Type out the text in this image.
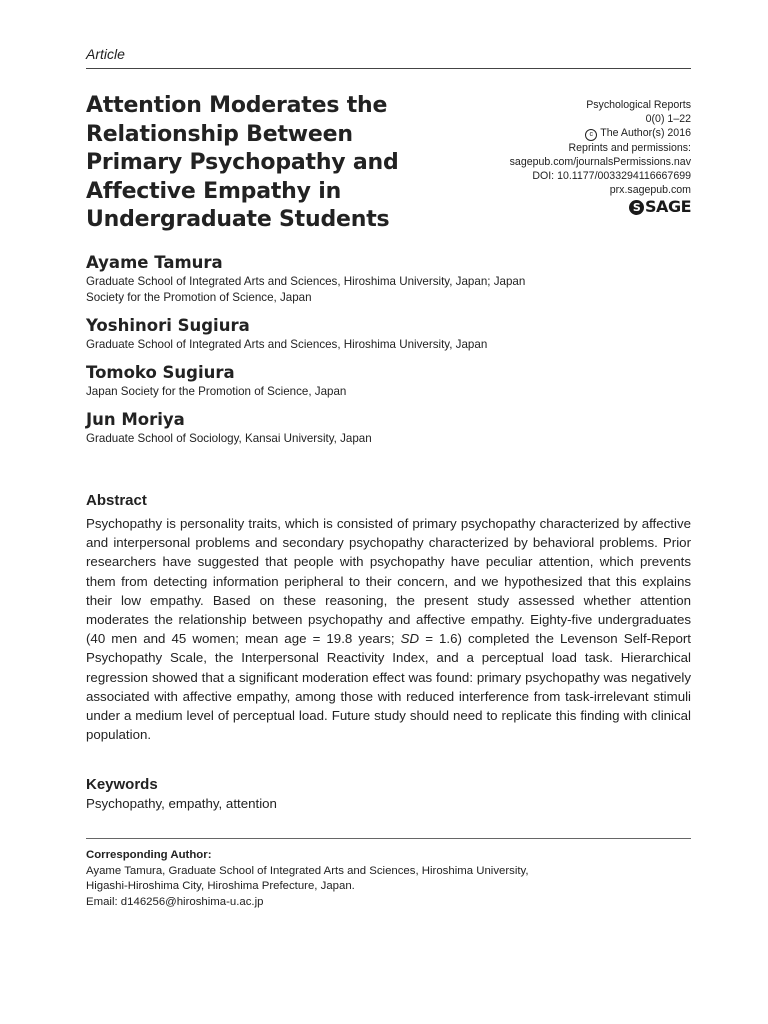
Article
Attention Moderates the
Relationship Between
Primary Psychopathy and
Affective Empathy in
Undergraduate Students
Psychological Reports
0(0) 1–22
c The Author(s) 2016
Reprints and permissions:
sagepub.com/journalsPermissions.nav
DOI: 10.1177/0033294116667699
prx.sagepub.com
S SAGE
Ayame Tamura
Graduate School of Integrated Arts and Sciences, Hiroshima University, Japan; Japan
Society for the Promotion of Science, Japan
Yoshinori Sugiura
Graduate School of Integrated Arts and Sciences, Hiroshima University, Japan
Tomoko Sugiura
Japan Society for the Promotion of Science, Japan
Jun Moriya
Graduate School of Sociology, Kansai University, Japan
Abstract

Psychopathy is personality traits, which is consisted of primary psychopathy characterized by affective and interpersonal problems and secondary psychopathy characterized by behavioral problems. Prior researchers have suggested that people with psychopathy have peculiar attention, which prevents them from detecting information peripheral to their concern, and we hypothesized that this explains their low empathy. Based on these reasoning, the present study assessed whether attention moderates the relationship between psychopathy and affective empathy. Eighty-five undergraduates (40 men and 45 women; mean age = 19.8 years; SD = 1.6) completed the Levenson Self-Report Psychopathy Scale, the Interpersonal Reactivity Index, and a perceptual load task. Hierarchical regression showed that a significant moderation effect was found: primary psychopathy was negatively associated with affective empathy, among those with reduced interference from task-irrelevant stimuli under a medium level of perceptual load. Future study should need to replicate this finding with clinical population.

Keywords
Psychopathy, empathy, attention
Corresponding Author:
Ayame Tamura, Graduate School of Integrated Arts and Sciences, Hiroshima University,
Higashi-Hiroshima City, Hiroshima Prefecture, Japan.
Email: d146256@hiroshima-u.ac.jp
